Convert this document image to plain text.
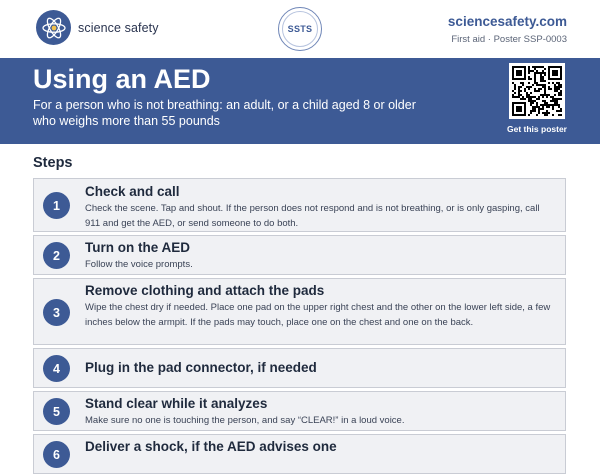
science safety	SSTS	sciencesafety.com
First aid · Poster SSP-0003
Using an AED

For a person who is not breathing: an adult, or a child aged 8 or older who weighs more than 55 pounds

Get this poster
Steps
1
Check and call
Check the scene. Tap and shout. If the person does not respond and is not breathing, or is only gasping, call 911 and get the AED, or send someone to do both.
2
Turn on the AED
Follow the voice prompts.
3
Remove clothing and attach the pads
Wipe the chest dry if needed. Place one pad on the upper right chest and the other on the lower left side, a few inches below the armpit. If the pads may touch, place one on the chest and one on the back.
4	Plug in the pad connector, if needed
5
Stand clear while it analyzes
Make sure no one is touching the person, and say “CLEAR!” in a loud voice.
6
Deliver a shock, if the AED advises one
